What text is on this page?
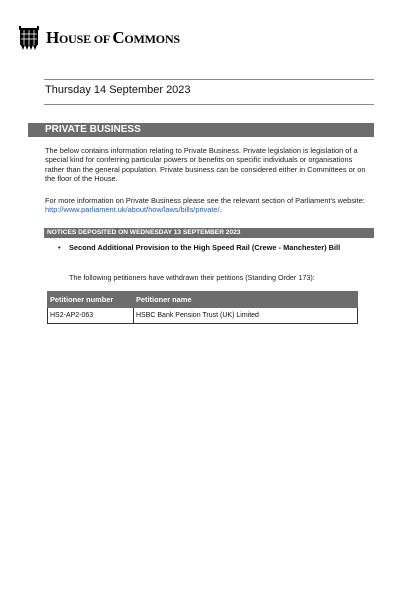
HOUSE OF COMMONS
Thursday 14 September 2023
PRIVATE BUSINESS
The below contains information relating to Private Business. Private legislation is legislation of a special kind for conferring particular powers or benefits on specific individuals or organisations rather than the general population. Private business can be considered either in Committees or on the floor of the House.
For more information on Private Business please see the relevant section of Parliament's website: http://www.parliament.uk/about/how/laws/bills/private/.
NOTICES DEPOSITED ON WEDNESDAY 13 SEPTEMBER 2023
• Second Additional Provision to the High Speed Rail (Crewe - Manchester) Bill
The following petitioners have withdrawn their petitions (Standing Order 173):
Petitioner number	Petitioner name
HS2-AP2-063	HSBC Bank Pension Trust (UK) Limited
